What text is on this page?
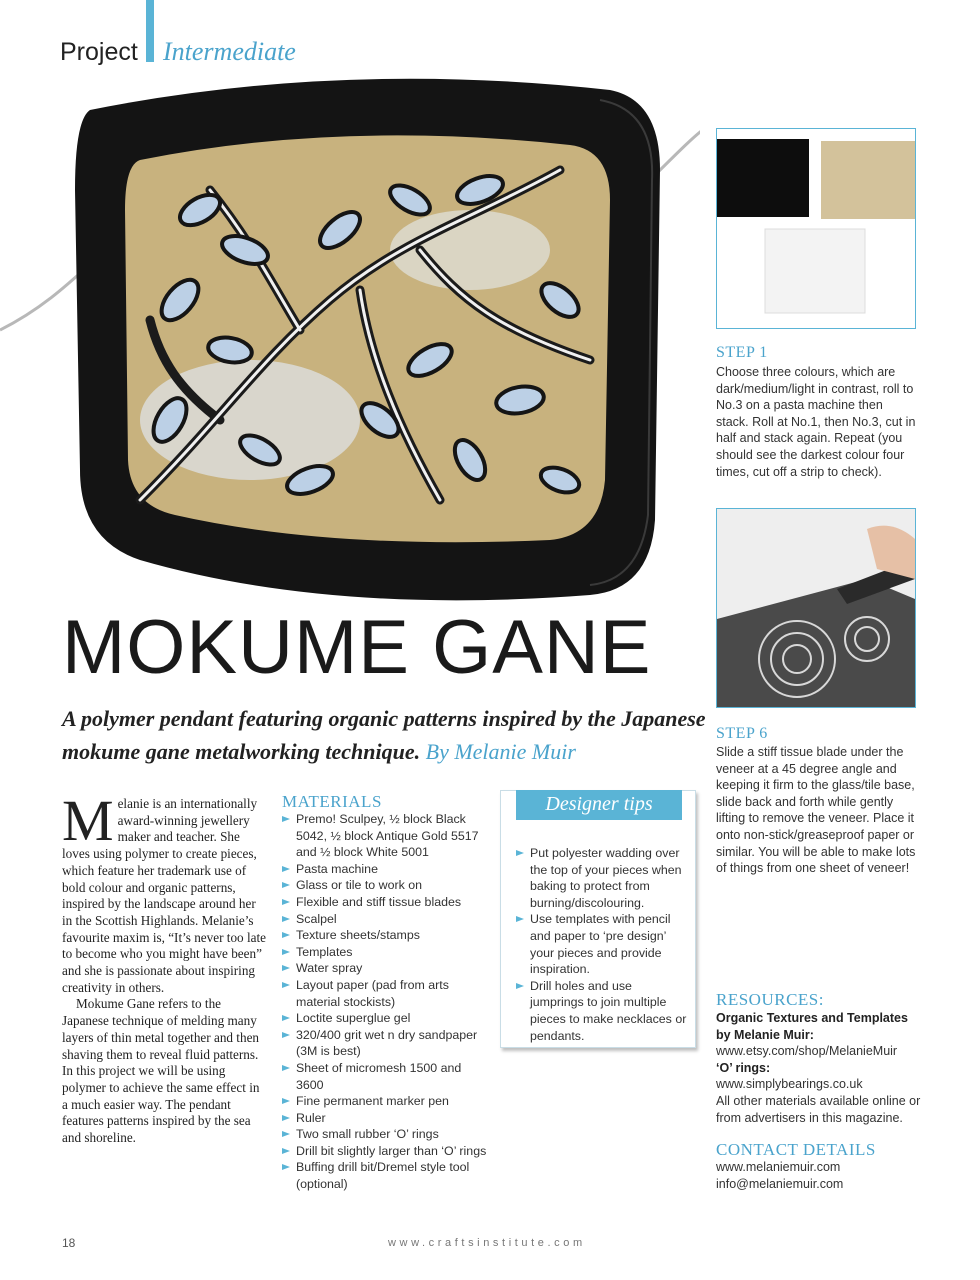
Project Intermediate
STEP 1
Choose three colours, which are dark/medium/light in contrast, roll to No.3 on a pasta machine then stack. Roll at No.1, then No.3, cut in half and stack again. Repeat (you should see the darkest colour four times, cut off a strip to check).
STEP 6
Slide a stiff tissue blade under the veneer at a 45 degree angle and keeping it firm to the glass/tile base, slide back and forth while gently lifting to remove the veneer. Place it onto non-stick/greaseproof paper or similar. You will be able to make lots of things from one sheet of veneer!
MOKUME GANE
A polymer pendant featuring organic patterns inspired by the Japanese mokume gane metalworking technique. By Melanie Muir
M elanie is an internationally award-winning jewellery maker and teacher. She loves using polymer to create pieces, which feature her trademark use of bold colour and organic patterns, inspired by the landscape around her in the Scottish Highlands. Melanie’s favourite maxim is, “It’s never too late to become who you might have been” and she is passionate about inspiring creativity in others.

Mokume Gane refers to the Japanese technique of melding many layers of thin metal together and then shaving them to reveal fluid patterns. In this project we will be using polymer to achieve the same effect in a much easier way. The pendant features patterns inspired by the sea and shoreline.

MATERIALS
Premo! Sculpey, ½ block Black 5042, ½ block Antique Gold 5517 and ½ block White 5001
Pasta machine
Glass or tile to work on
Flexible and stiff tissue blades
Scalpel
Texture sheets/stamps
Templates
Water spray
Layout paper (pad from arts material stockists)
Loctite superglue gel
320/400 grit wet n dry sandpaper (3M is best)
Sheet of micromesh 1500 and 3600
Fine permanent marker pen
Ruler
Two small rubber ‘O’ rings
Drill bit slightly larger than ‘O’ rings
Buffing drill bit/Dremel style tool (optional)
Designer tips
Put polyester wadding over the top of your pieces when baking to protect from burning/discolouring.
Use templates with pencil and paper to ‘pre design’ your pieces and provide inspiration.
Drill holes and use jumprings to join multiple pieces to make necklaces or pendants.
RESOURCES:
Organic Textures and Templates by Melanie Muir:
www.etsy.com/shop/MelanieMuir
‘O’ rings:
www.simplybearings.co.uk
All other materials available online or from advertisers in this magazine.
CONTACT DETAILS
www.melaniemuir.com
info@melaniemuir.com
18	www.craftsinstitute.com
